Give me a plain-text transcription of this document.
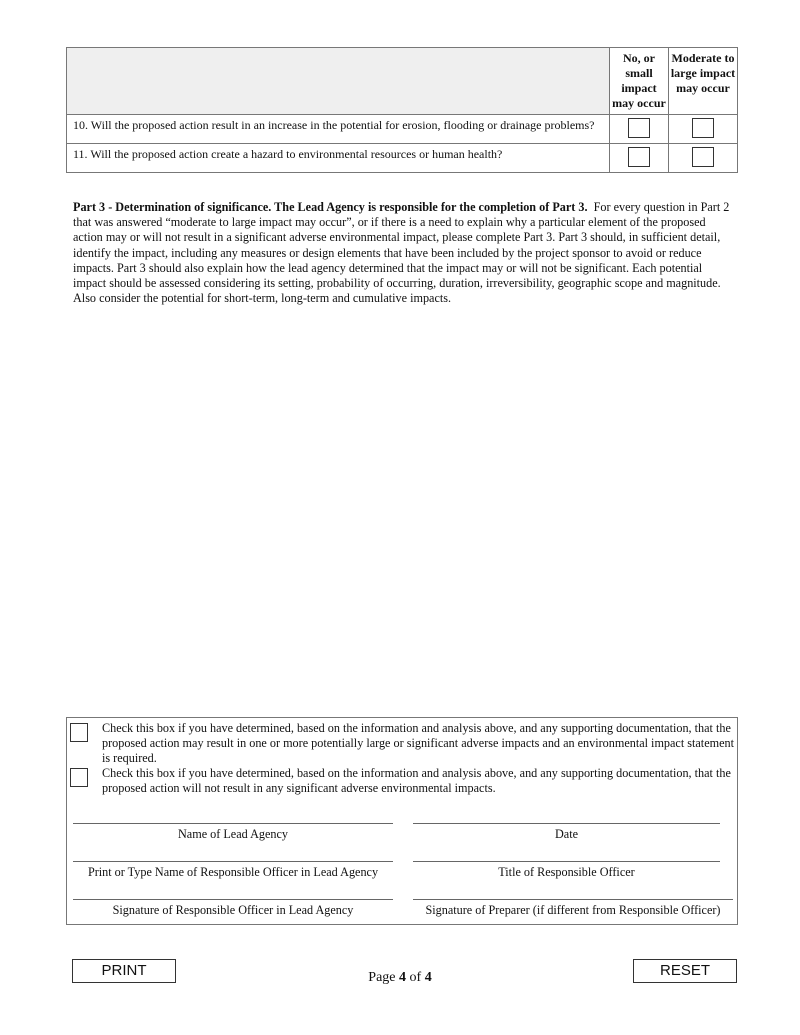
	No, or small impact may occur	Moderate to large impact may occur
10. Will the proposed action result in an increase in the potential for erosion, flooding or drainage problems?		
11. Will the proposed action create a hazard to environmental resources or human health?		
Part 3 - Determination of significance. The Lead Agency is responsible for the completion of Part 3. For every question in Part 2 that was answered “moderate to large impact may occur”, or if there is a need to explain why a particular element of the proposed action may or will not result in a significant adverse environmental impact, please complete Part 3. Part 3 should, in sufficient detail, identify the impact, including any measures or design elements that have been included by the project sponsor to avoid or reduce impacts. Part 3 should also explain how the lead agency determined that the impact may or will not be significant. Each potential impact should be assessed considering its setting, probability of occurring, duration, irreversibility, geographic scope and magnitude. Also consider the potential for short-term, long-term and cumulative impacts.
Check this box if you have determined, based on the information and analysis above, and any supporting documentation, that the proposed action may result in one or more potentially large or significant adverse impacts and an environmental impact statement is required.
Check this box if you have determined, based on the information and analysis above, and any supporting documentation, that the proposed action will not result in any significant adverse environmental impacts.
Name of Lead Agency	Date
Print or Type Name of Responsible Officer in Lead Agency	Title of Responsible Officer
Signature of Responsible Officer in Lead Agency	Signature of Preparer (if different from Responsible Officer)
PRINT	RESET
Page 4 of 4
